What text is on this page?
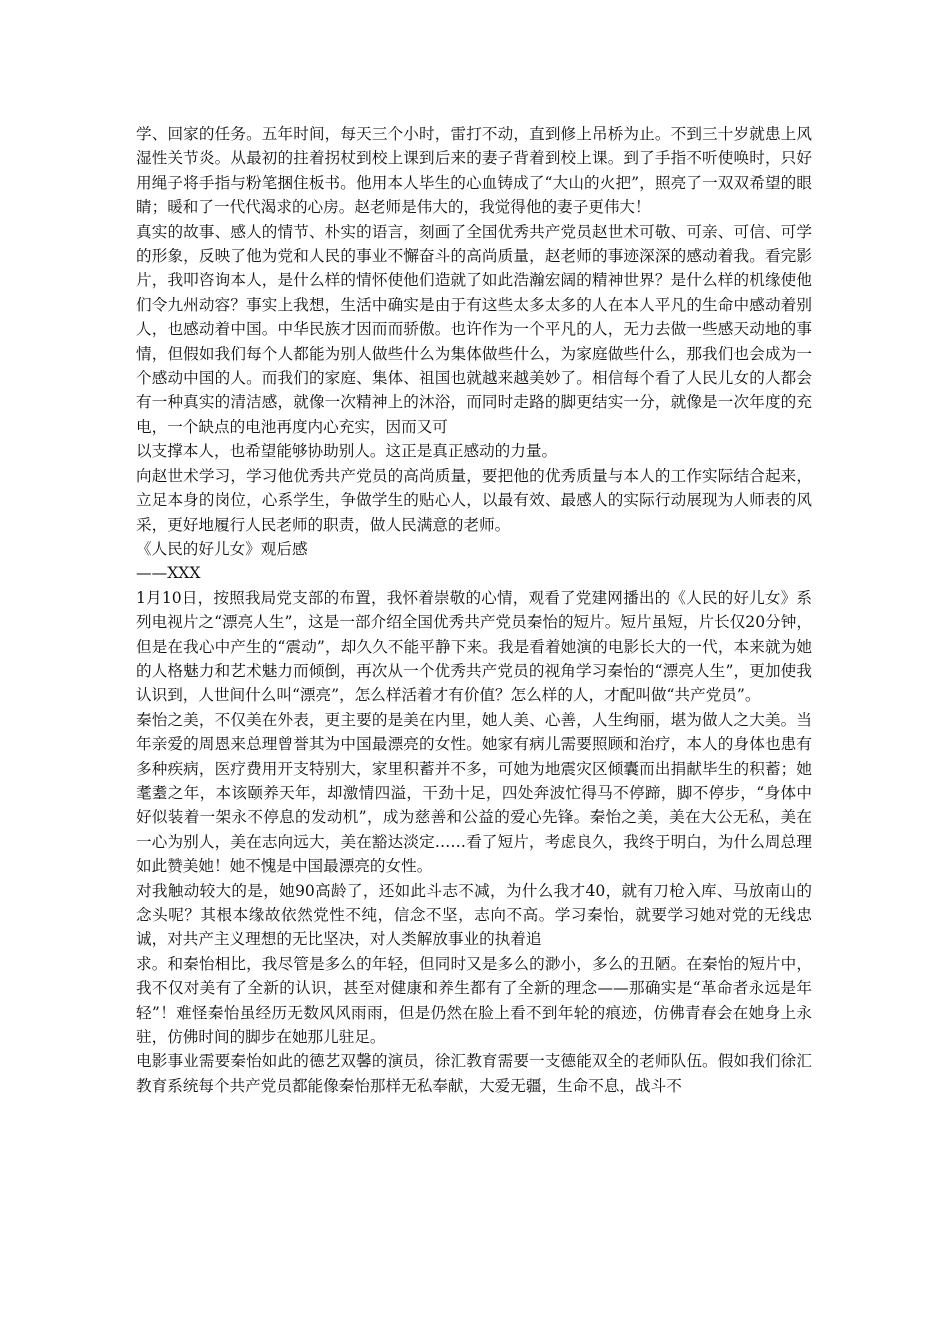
学、回家的任务。五年时间，每天三个小时，雷打不动，直到修上吊桥为止。不到三十岁就患上风湿性关节炎。从最初的拄着拐杖到校上课到后来的妻子背着到校上课。到了手指不听使唤时，只好用绳子将手指与粉笔捆住板书。他用本人毕生的心血铸成了“大山的火把”，照亮了一双双希望的眼睛；暖和了一代代渴求的心房。赵老师是伟大的，我觉得他的妻子更伟大！

真实的故事、感人的情节、朴实的语言，刻画了全国优秀共产党员赵世术可敬、可亲、可信、可学的形象，反映了他为党和人民的事业不懈奋斗的高尚质量，赵老师的事迹深深的感动着我。看完影片，我叩咨询本人，是什么样的情怀使他们造就了如此浩瀚宏阔的精神世界？是什么样的机缘使他们令九州动容？事实上我想，生活中确实是由于有这些太多太多的人在本人平凡的生命中感动着别人，也感动着中国。中华民族才因而而骄傲。也许作为一个平凡的人，无力去做一些感天动地的事情，但假如我们每个人都能为别人做些什么为集体做些什么，为家庭做些什么，那我们也会成为一个感动中国的人。而我们的家庭、集体、祖国也就越来越美妙了。相信每个看了人民儿女的人都会有一种真实的清洁感，就像一次精神上的沐浴，而同时走路的脚更结实一分，就像是一次年度的充电，一个缺点的电池再度内心充实，因而又可

以支撑本人，也希望能够协助别人。这正是真正感动的力量。

向赵世术学习，学习他优秀共产党员的高尚质量，要把他的优秀质量与本人的工作实际结合起来，立足本身的岗位，心系学生，争做学生的贴心人，以最有效、最感人的实际行动展现为人师表的风采，更好地履行人民老师的职责，做人民满意的老师。

《人民的好儿女》观后感

——XXX

1月10日，按照我局党支部的布置，我怀着崇敬的心情，观看了党建网播出的《人民的好儿女》系列电视片之“漂亮人生”，这是一部介绍全国优秀共产党员秦怡的短片。短片虽短，片长仅20分钟，但是在我心中产生的“震动”，却久久不能平静下来。我是看着她演的电影长大的一代，本来就为她的人格魅力和艺术魅力而倾倒，再次从一个优秀共产党员的视角学习秦怡的“漂亮人生”，更加使我认识到，人世间什么叫“漂亮”，怎么样活着才有价值？怎么样的人，才配叫做“共产党员”。

秦怡之美，不仅美在外表，更主要的是美在内里，她人美、心善，人生绚丽，堪为做人之大美。当年亲爱的周恩来总理曾誉其为中国最漂亮的女性。她家有病儿需要照顾和治疗，本人的身体也患有多种疾病，医疗费用开支特别大，家里积蓄并不多，可她为地震灾区倾囊而出捐献毕生的积蓄；她耄耋之年，本该颐养天年，却激情四溢，干劲十足，四处奔波忙得马不停蹄，脚不停步，“身体中好似装着一架永不停息的发动机”，成为慈善和公益的爱心先锋。秦怡之美，美在大公无私，美在一心为别人，美在志向远大，美在豁达淡定……看了短片，考虑良久，我终于明白，为什么周总理如此赞美她！她不愧是中国最漂亮的女性。

对我触动较大的是，她90高龄了，还如此斗志不减，为什么我才40，就有刀枪入库、马放南山的念头呢？其根本缘故依然党性不纯，信念不坚，志向不高。学习秦怡，就要学习她对党的无线忠诚，对共产主义理想的无比坚决，对人类解放事业的执着追

求。和秦怡相比，我尽管是多么的年轻，但同时又是多么的渺小，多么的丑陋。在秦怡的短片中，我不仅对美有了全新的认识，甚至对健康和养生都有了全新的理念——那确实是“革命者永远是年轻”！难怪秦怡虽经历无数风风雨雨，但是仍然在脸上看不到年轮的痕迹，仿佛青春会在她身上永驻，仿佛时间的脚步在她那儿驻足。

电影事业需要秦怡如此的德艺双馨的演员，徐汇教育需要一支德能双全的老师队伍。假如我们徐汇教育系统每个共产党员都能像秦怡那样无私奉献，大爱无疆，生命不息，战斗不
